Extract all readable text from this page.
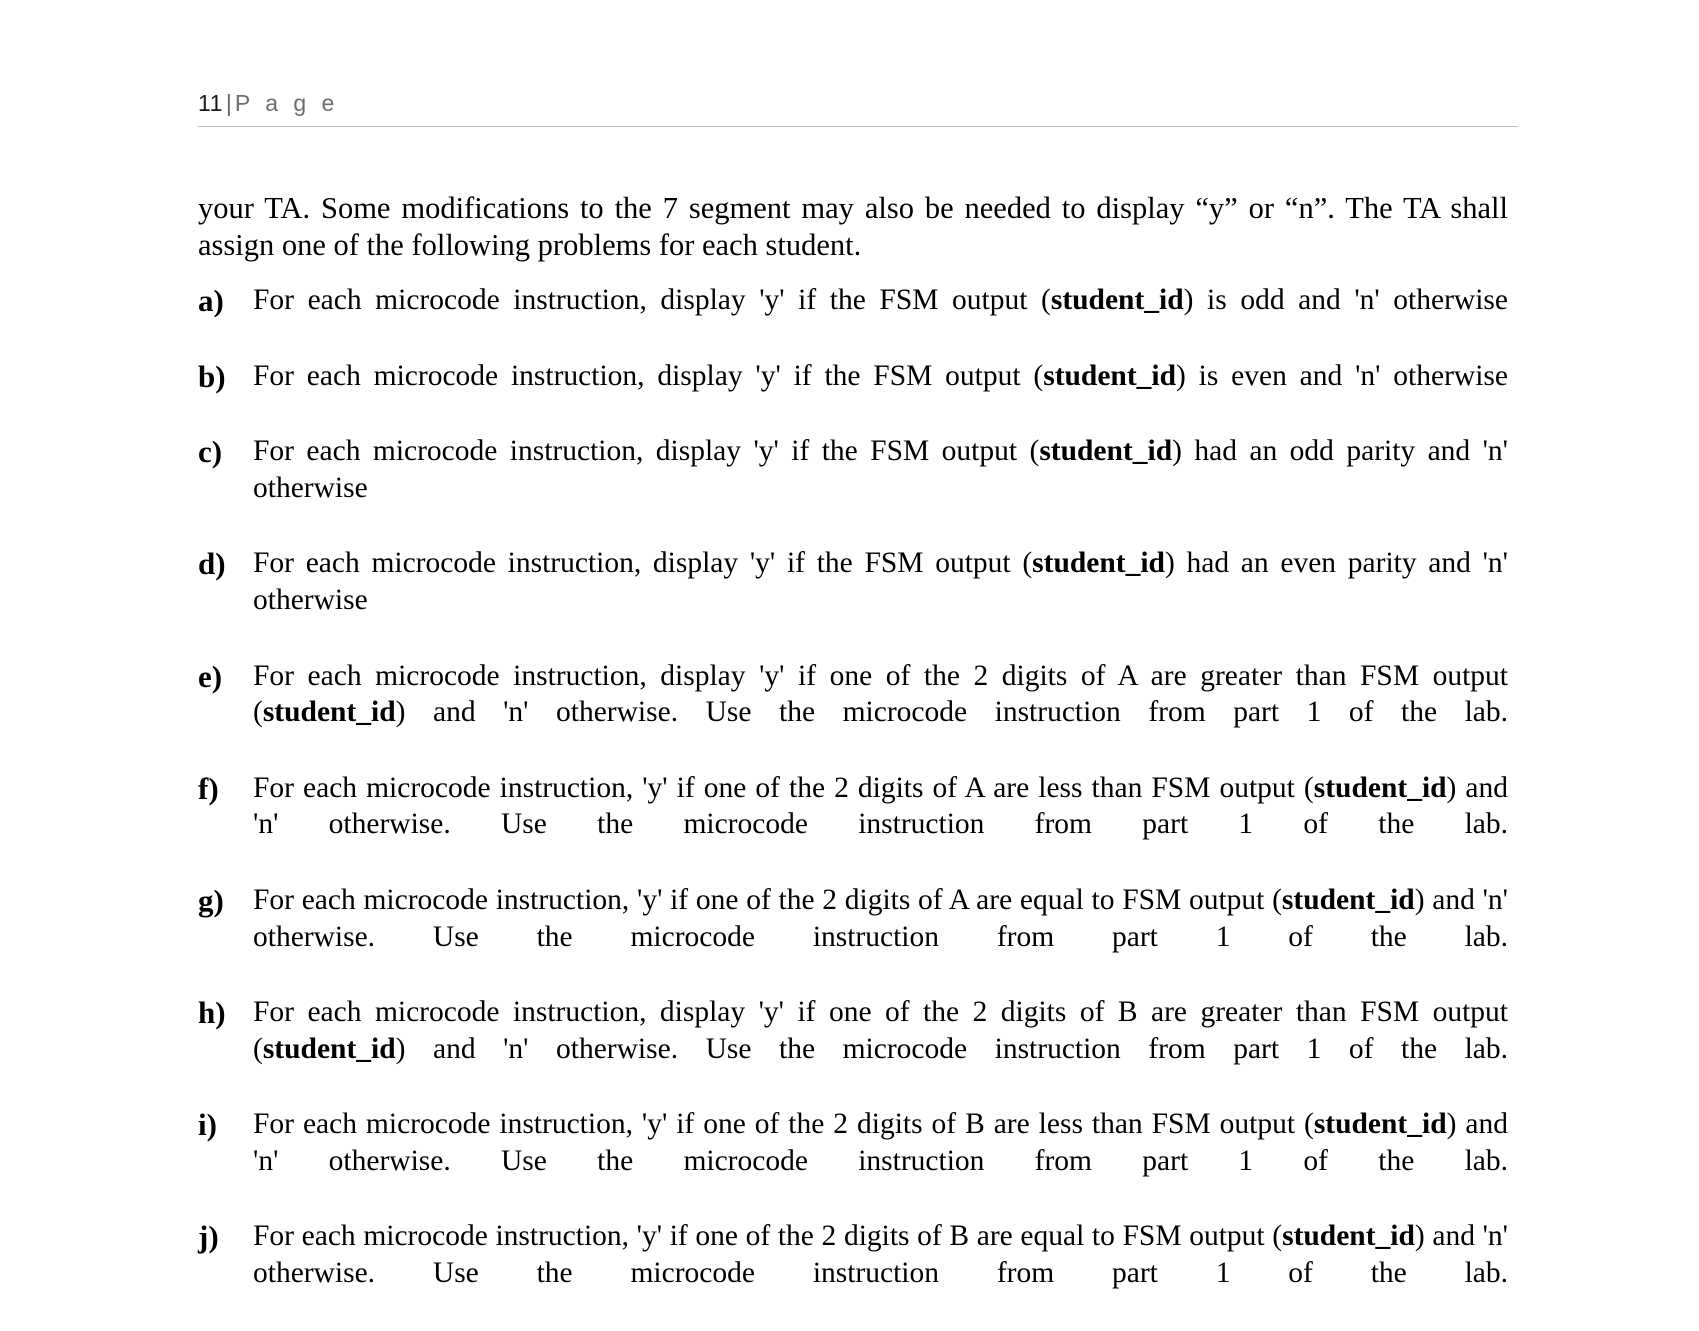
11 | P a g e

your TA. Some modifications to the 7 segment may also be needed to display “y” or “n”. The TA shall assign one of the following problems for each student.

a) For each microcode instruction, display 'y' if the FSM output (student_id) is odd and 'n' otherwise
b) For each microcode instruction, display 'y' if the FSM output (student_id) is even and 'n' otherwise
c)	For each microcode instruction, display 'y' if the FSM output (student_id) had an odd parity and 'n' otherwise
d) For each microcode instruction, display 'y' if the FSM output (student_id) had an even parity and 'n' otherwise
e)	For each microcode instruction, display 'y' if one of the 2 digits of A are greater than FSM output (student_id) and 'n' otherwise. Use the microcode instruction from part 1 of the lab.
f)	For each microcode instruction, 'y' if one of the 2 digits of A are less than FSM output (student_id) and 'n' otherwise. Use the microcode instruction from part 1 of the lab.
g) For each microcode instruction, 'y' if one of the 2 digits of A are equal to FSM output (student_id) and 'n' otherwise. Use the microcode instruction from part 1 of the lab.
h) For each microcode instruction, display 'y' if one of the 2 digits of B are greater than FSM output (student_id) and 'n' otherwise. Use the microcode instruction from part 1 of the lab.
i)	For each microcode instruction, 'y' if one of the 2 digits of B are less than FSM output (student_id) and 'n' otherwise. Use the microcode instruction from part 1 of the lab.
j)	For each microcode instruction, 'y' if one of the 2 digits of B are equal to FSM output (student_id) and 'n' otherwise. Use the microcode instruction from part 1 of the lab.
